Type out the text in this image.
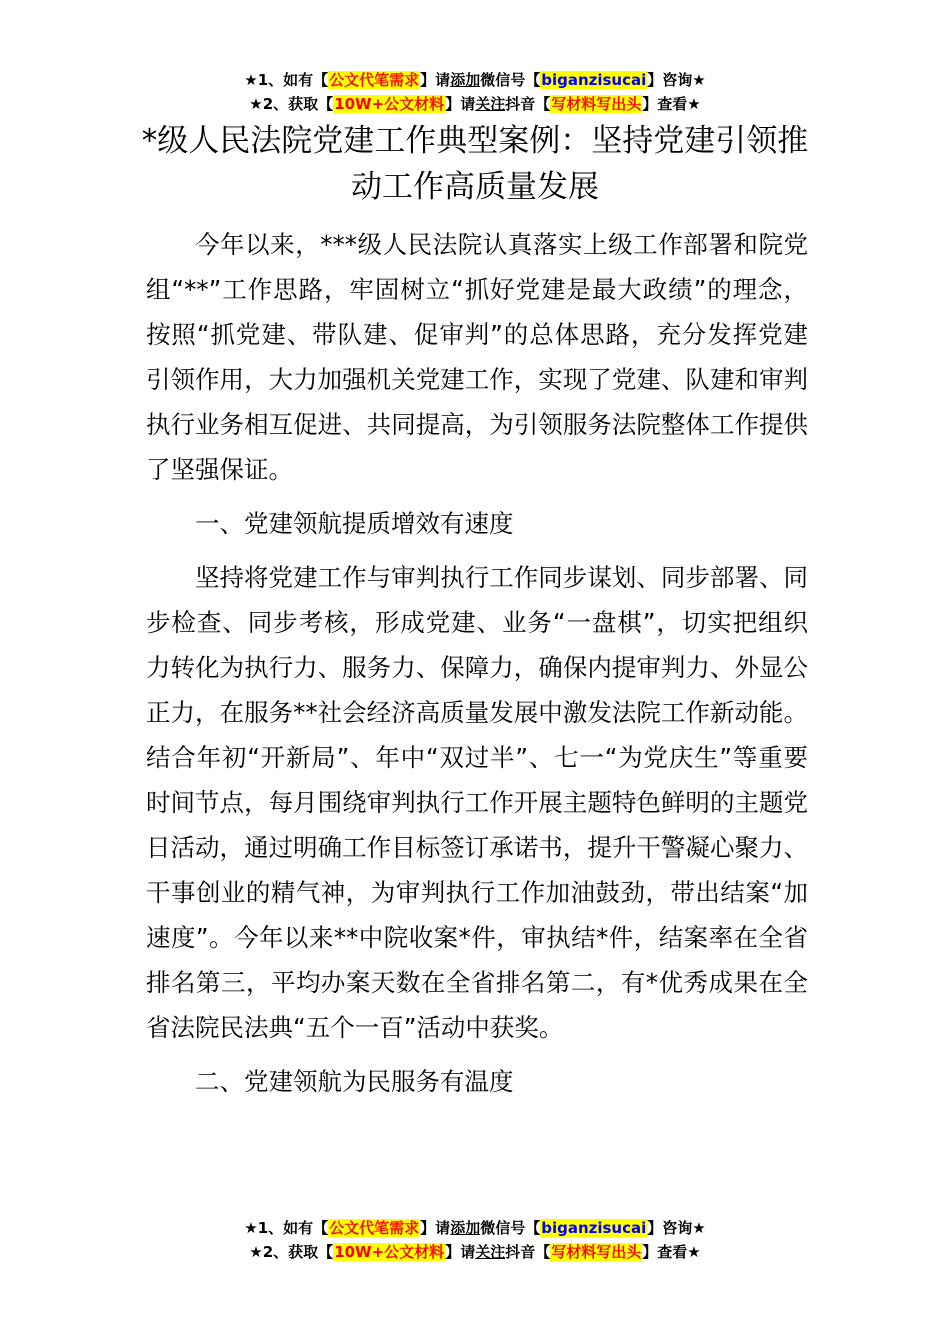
★1、如有【公文代笔需求】请添加微信号【biganzisucai】咨询★
★2、获取【10W+公文材料】请关注抖音【写材料写出头】查看★
*级人民法院党建工作典型案例：坚持党建引领推动工作高质量发展

今年以来，***级人民法院认真落实上级工作部署和院党组“**”工作思路，牢固树立“抓好党建是最大政绩”的理念，按照“抓党建、带队建、促审判”的总体思路，充分发挥党建引领作用，大力加强机关党建工作，实现了党建、队建和审判执行业务相互促进、共同提高，为引领服务法院整体工作提供了坚强保证。

一、党建领航提质增效有速度

坚持将党建工作与审判执行工作同步谋划、同步部署、同步检查、同步考核，形成党建、业务“一盘棋”，切实把组织力转化为执行力、服务力、保障力，确保内提审判力、外显公正力，在服务**社会经济高质量发展中激发法院工作新动能。结合年初“开新局”、年中“双过半”、七一“为党庆生”等重要时间节点，每月围绕审判执行工作开展主题特色鲜明的主题党日活动，通过明确工作目标签订承诺书，提升干警凝心聚力、干事创业的精气神，为审判执行工作加油鼓劲，带出结案“加速度”。今年以来**中院收案*件，审执结*件，结案率在全省排名第三，平均办案天数在全省排名第二，有*优秀成果在全省法院民法典“五个一百”活动中获奖。

二、党建领航为民服务有温度

★1、如有【公文代笔需求】请添加微信号【biganzisucai】咨询★
★2、获取【10W+公文材料】请关注抖音【写材料写出头】查看★
